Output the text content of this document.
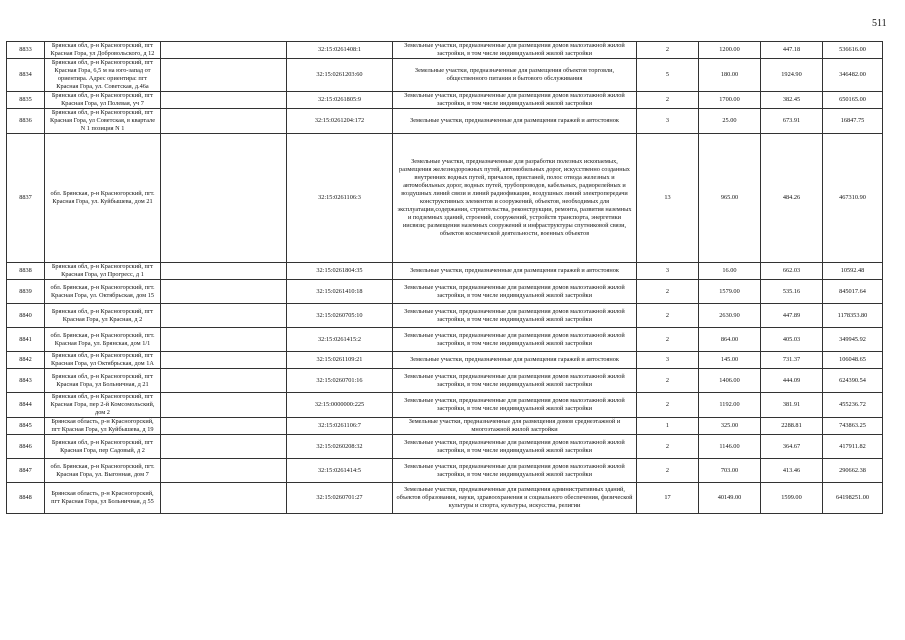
511
8833	Брянская обл, р-н Красногорский, пгт Красная Гора, ул Добровольского, д 12		32:15:0261408:1	Земельные участки, предназначенные для размещения домов малоэтажной жилой застройки, в том числе индивидуальной жилой застройки	2	1200.00	447.18	536616.00
8834	Брянская обл, р-н Красногорский, пгт Красная Гора, 6,5 м на юго-запад от ориентира. Адрес ориентира: пгт Красная Гора, ул. Советская, д.46а		32:15:0261203:60	Земельные участки, предназначенные для размещения объектов торговли, общественного питания и бытового обслуживания	5	180.00	1924.90	346482.00
8835	Брянская обл, р-н Красногорский, пгт Красная Гора, ул Полевая, уч 7		32:15:0261805:9	Земельные участки, предназначенные для размещения домов малоэтажной жилой застройки, в том числе индивидуальной жилой застройки	2	1700.00	382.45	650165.00
8836	Брянская обл, р-н Красногорский, пгт Красная Гора, ул Советская, в квартале N 1 позиция N 1		32:15:0261204:172	Земельные участки, предназначенные для размещения гаражей и автостоянок	3	25.00	673.91	16847.75
8837	обл. Брянская, р-н Красногорский, пгт. Красная Гора, ул. Куйбышева, дом 21		32:15:0261106:3	Земельные участки, предназначенные для разработки полезных ископаемых, размещения железнодорожных путей, автомобильных дорог, искусственно созданных внутренних водных путей, причалов, пристаней, полос отвода железных и автомобильных дорог, водных путей, трубопроводов, кабельных, радиорелейных и воздушных линий связи и линий радиофикации, воздушных линий электропередачи конструктивных элементов и сооружений, объектов, необходимых для эксплуатации,содержания, строительства, реконструкции, ремонта, развития наземных и подземных зданий, строений, сооружений, устройств транспорта, энергетики иисвязи; размещения наземных сооружений и инфраструктуры спутниковой связи, объектов космической деятельности, военных объектов	13	965.00	484.26	467310.90
8838	Брянская обл, р-н Красногорский, пгт Красная Гора, ул Прогресс, д 1		32:15:0261804:35	Земельные участки, предназначенные для размещения гаражей и автостоянок	3	16.00	662.03	10592.48
8839	обл. Брянская, р-н Красногорский, пгт. Красная Гора, ул. Октябрьская, дом 15		32:15:0261410:18	Земельные участки, предназначенные для размещения домов малоэтажной жилой застройки, в том числе индивидуальной жилой застройки	2	1579.00	535.16	845017.64
8840	Брянская обл, р-н Красногорский, пгт Красная Гора, ул Красная, д 2		32:15:0260705:10	Земельные участки, предназначенные для размещения домов малоэтажной жилой застройки, в том числе индивидуальной жилой застройки	2	2630.90	447.89	1178353.80
8841	обл. Брянская, р-н Красногорский, пгт. Красная Гора, ул. Брянская, дом 1/1		32:15:0261415:2	Земельные участки, предназначенные для размещения домов малоэтажной жилой застройки, в том числе индивидуальной жилой застройки	2	864.00	405.03	349945.92
8842	Брянская обл, р-н Красногорский, пгт Красная Гора, ул Октябрьская, дом 1А		32:15:0261109:21	Земельные участки, предназначенные для размещения гаражей и автостоянок	3	145.00	731.37	106048.65
8843	Брянская обл, р-н Красногорский, пгт Красная Гора, ул Больничная, д 21		32:15:0260701:16	Земельные участки, предназначенные для размещения домов малоэтажной жилой застройки, в том числе индивидуальной жилой застройки	2	1406.00	444.09	624390.54
8844	Брянская обл, р-н Красногорский, пгт Красная Гора, пер 2-й Комсомольский, дом 2		32:15:0000000:225	Земельные участки, предназначенные для размещения домов малоэтажной жилой застройки, в том числе индивидуальной жилой застройки	2	1192.00	381.91	455236.72
8845	Брянская область, р-н Красногорский, пгт Красная Гора, ул Куйбышева, д 19		32:15:0261106:7	Земельные участки, предназначенные для размещения домов среднеэтажной и многоэтажной жилой застройки	1	325.00	2288.81	743863.25
8846	Брянская обл, р-н Красногорский, пгт Красная Гора, пер Садовый, д 2		32:15:0260208:32	Земельные участки, предназначенные для размещения домов малоэтажной жилой застройки, в том числе индивидуальной жилой застройки	2	1146.00	364.67	417911.82
8847	обл. Брянская, р-н Красногорский, пгт. Красная Гора, ул. Выгонная, дом 7		32:15:0261414:5	Земельные участки, предназначенные для размещения домов малоэтажной жилой застройки, в том числе индивидуальной жилой застройки	2	703.00	413.46	290662.38
8848	Брянская область, р-н Красногорский, пгт Красная Гора, ул Больничная, д 55		32:15:0260701:27	Земельные участки, предназначенные для размещения административных зданий, объектов образования, науки, здравоохранения и социального обеспечения, физической культуры и спорта, культуры, искусства, религии	17	40149.00	1599.00	64198251.00
